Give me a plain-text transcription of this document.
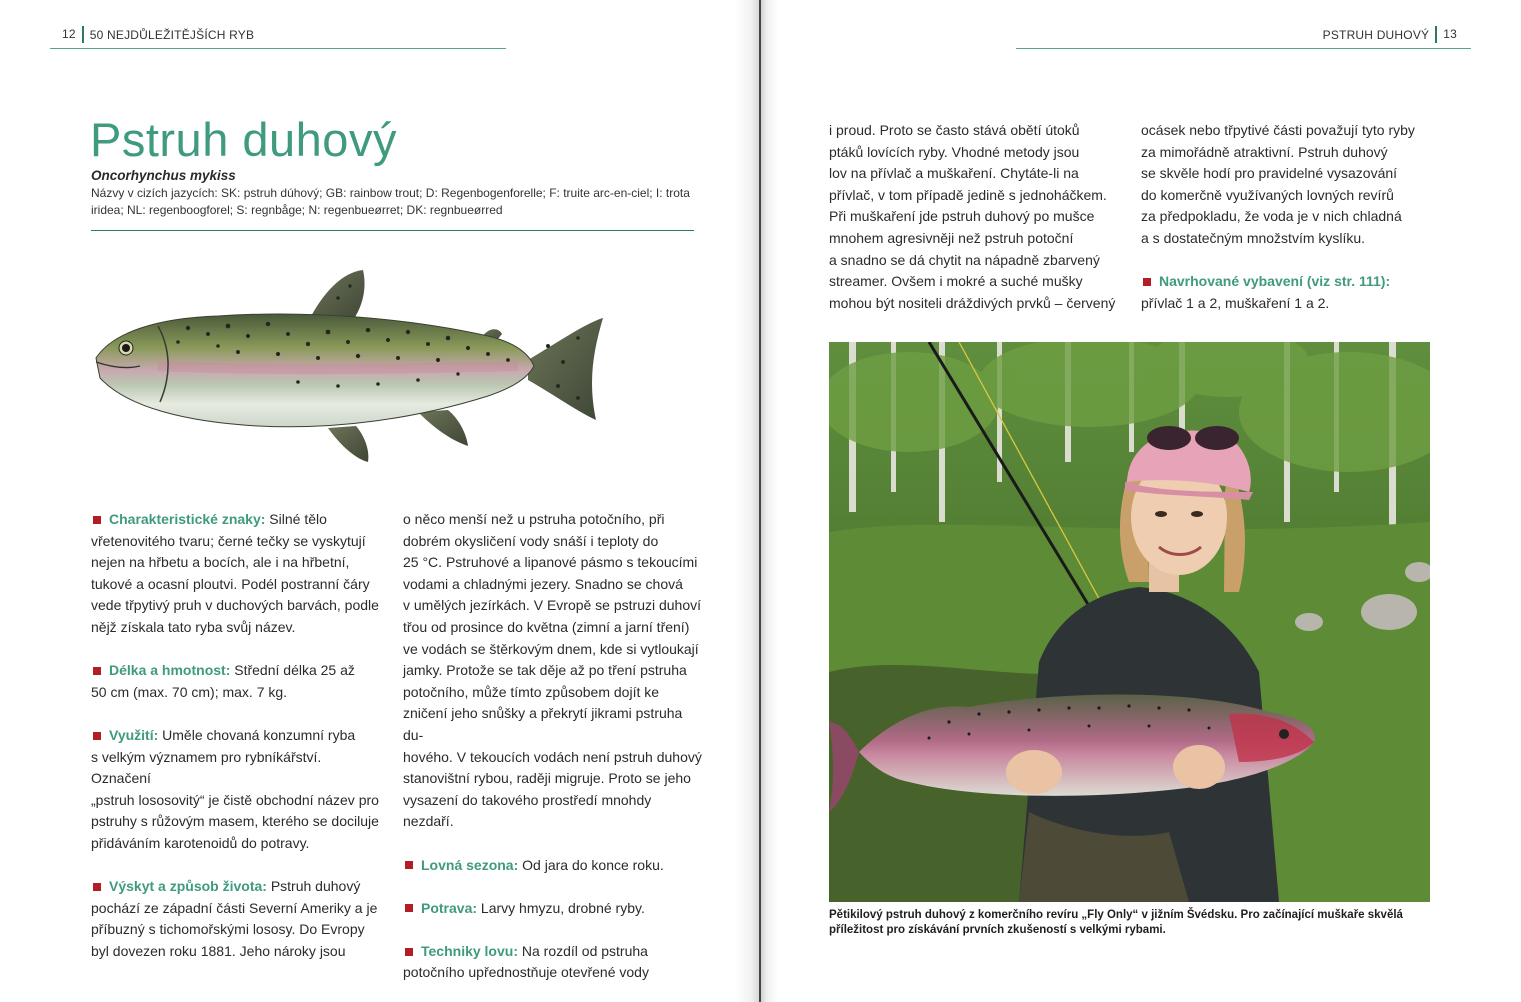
12 50 NEJDŮLEŽITĚJŠÍCH RYB
Pstruh duhový
Oncorhynchus mykiss
Názvy v cizích jazycích: SK: pstruh dúhový; GB: rainbow trout; D: Regenbogenforelle; F: truite arc-en-ciel; I: trota iridea; NL: regenboogforel; S: regnbåge; N: regenbueørret; DK: regnbueørred

Charakteristické znaky: Silné tělo
vřetenovitého tvaru; černé tečky se vyskytují
nejen na hřbetu a bocích, ale i na hřbetní,
tukové a ocasní ploutvi. Podél postranní čáry
vede třpytivý pruh v duchových barvách, podle
nějž získala tato ryba svůj název.

Délka a hmotnost: Střední délka 25 až
50 cm (max. 70 cm); max. 7 kg.

Využití: Uměle chovaná konzumní ryba
s velkým významem pro rybníkářství. Označení
„pstruh lososovitý“ je čistě obchodní název pro
pstruhy s růžovým masem, kterého se dociluje
přidáváním karotenoidů do potravy.

Výskyt a způsob života: Pstruh duhový
pochází ze západní části Severní Ameriky a je
příbuzný s tichomořskými lososy. Do Evropy
byl dovezen roku 1881. Jeho nároky jsou

o něco menší než u pstruha potočního, při
dobrém okysličení vody snáší i teploty do
25 °C. Pstruhové a lipanové pásmo s tekoucími
vodami a chladnými jezery. Snadno se chová
v umělých jezírkách. V Evropě se pstruzi duhoví
třou od prosince do května (zimní a jarní tření)
ve vodách se štěrkovým dnem, kde si vytloukají
jamky. Protože se tak děje až po tření pstruha
potočního, může tímto způsobem dojít ke
zničení jeho snůšky a překrytí jikrami pstruha du-
hového. V tekoucích vodách není pstruh duhový
stanovištní rybou, raději migruje. Proto se jeho
vysazení do takového prostředí mnohdy nezdaří.

Lovná sezona: Od jara do konce roku.

Potrava: Larvy hmyzu, drobné ryby.

Techniky lovu: Na rozdíl od pstruha
potočního upřednostňuje otevřené vody

PSTRUH DUHOVÝ 13

i proud. Proto se často stává obětí útoků
ptáků lovících ryby. Vhodné metody jsou
lov na přívlač a muškaření. Chytáte-li na
přívlač, v tom případě jedině s jednoháčkem.
Při muškaření jde pstruh duhový po mušce
mnohem agresivněji než pstruh potoční
a snadno se dá chytit na nápadně zbarvený
streamer. Ovšem i mokré a suché mušky
mohou být nositeli dráždivých prvků – červený

ocásek nebo třpytivé části považují tyto ryby
za mimořádně atraktivní. Pstruh duhový
se skvěle hodí pro pravidelné vysazování
do komerčně využívaných lovných revírů
za předpokladu, že voda je v nich chladná
a s dostatečným množstvím kyslíku.

Navrhované vybavení (viz str. 111):
přívlač 1 a 2, muškaření 1 a 2.

Pětikilový pstruh duhový z komerčního revíru „Fly Only“ v jižním Švédsku. Pro začínající muškaře skvělá
příležitost pro získávání prvních zkušeností s velkými rybami.
